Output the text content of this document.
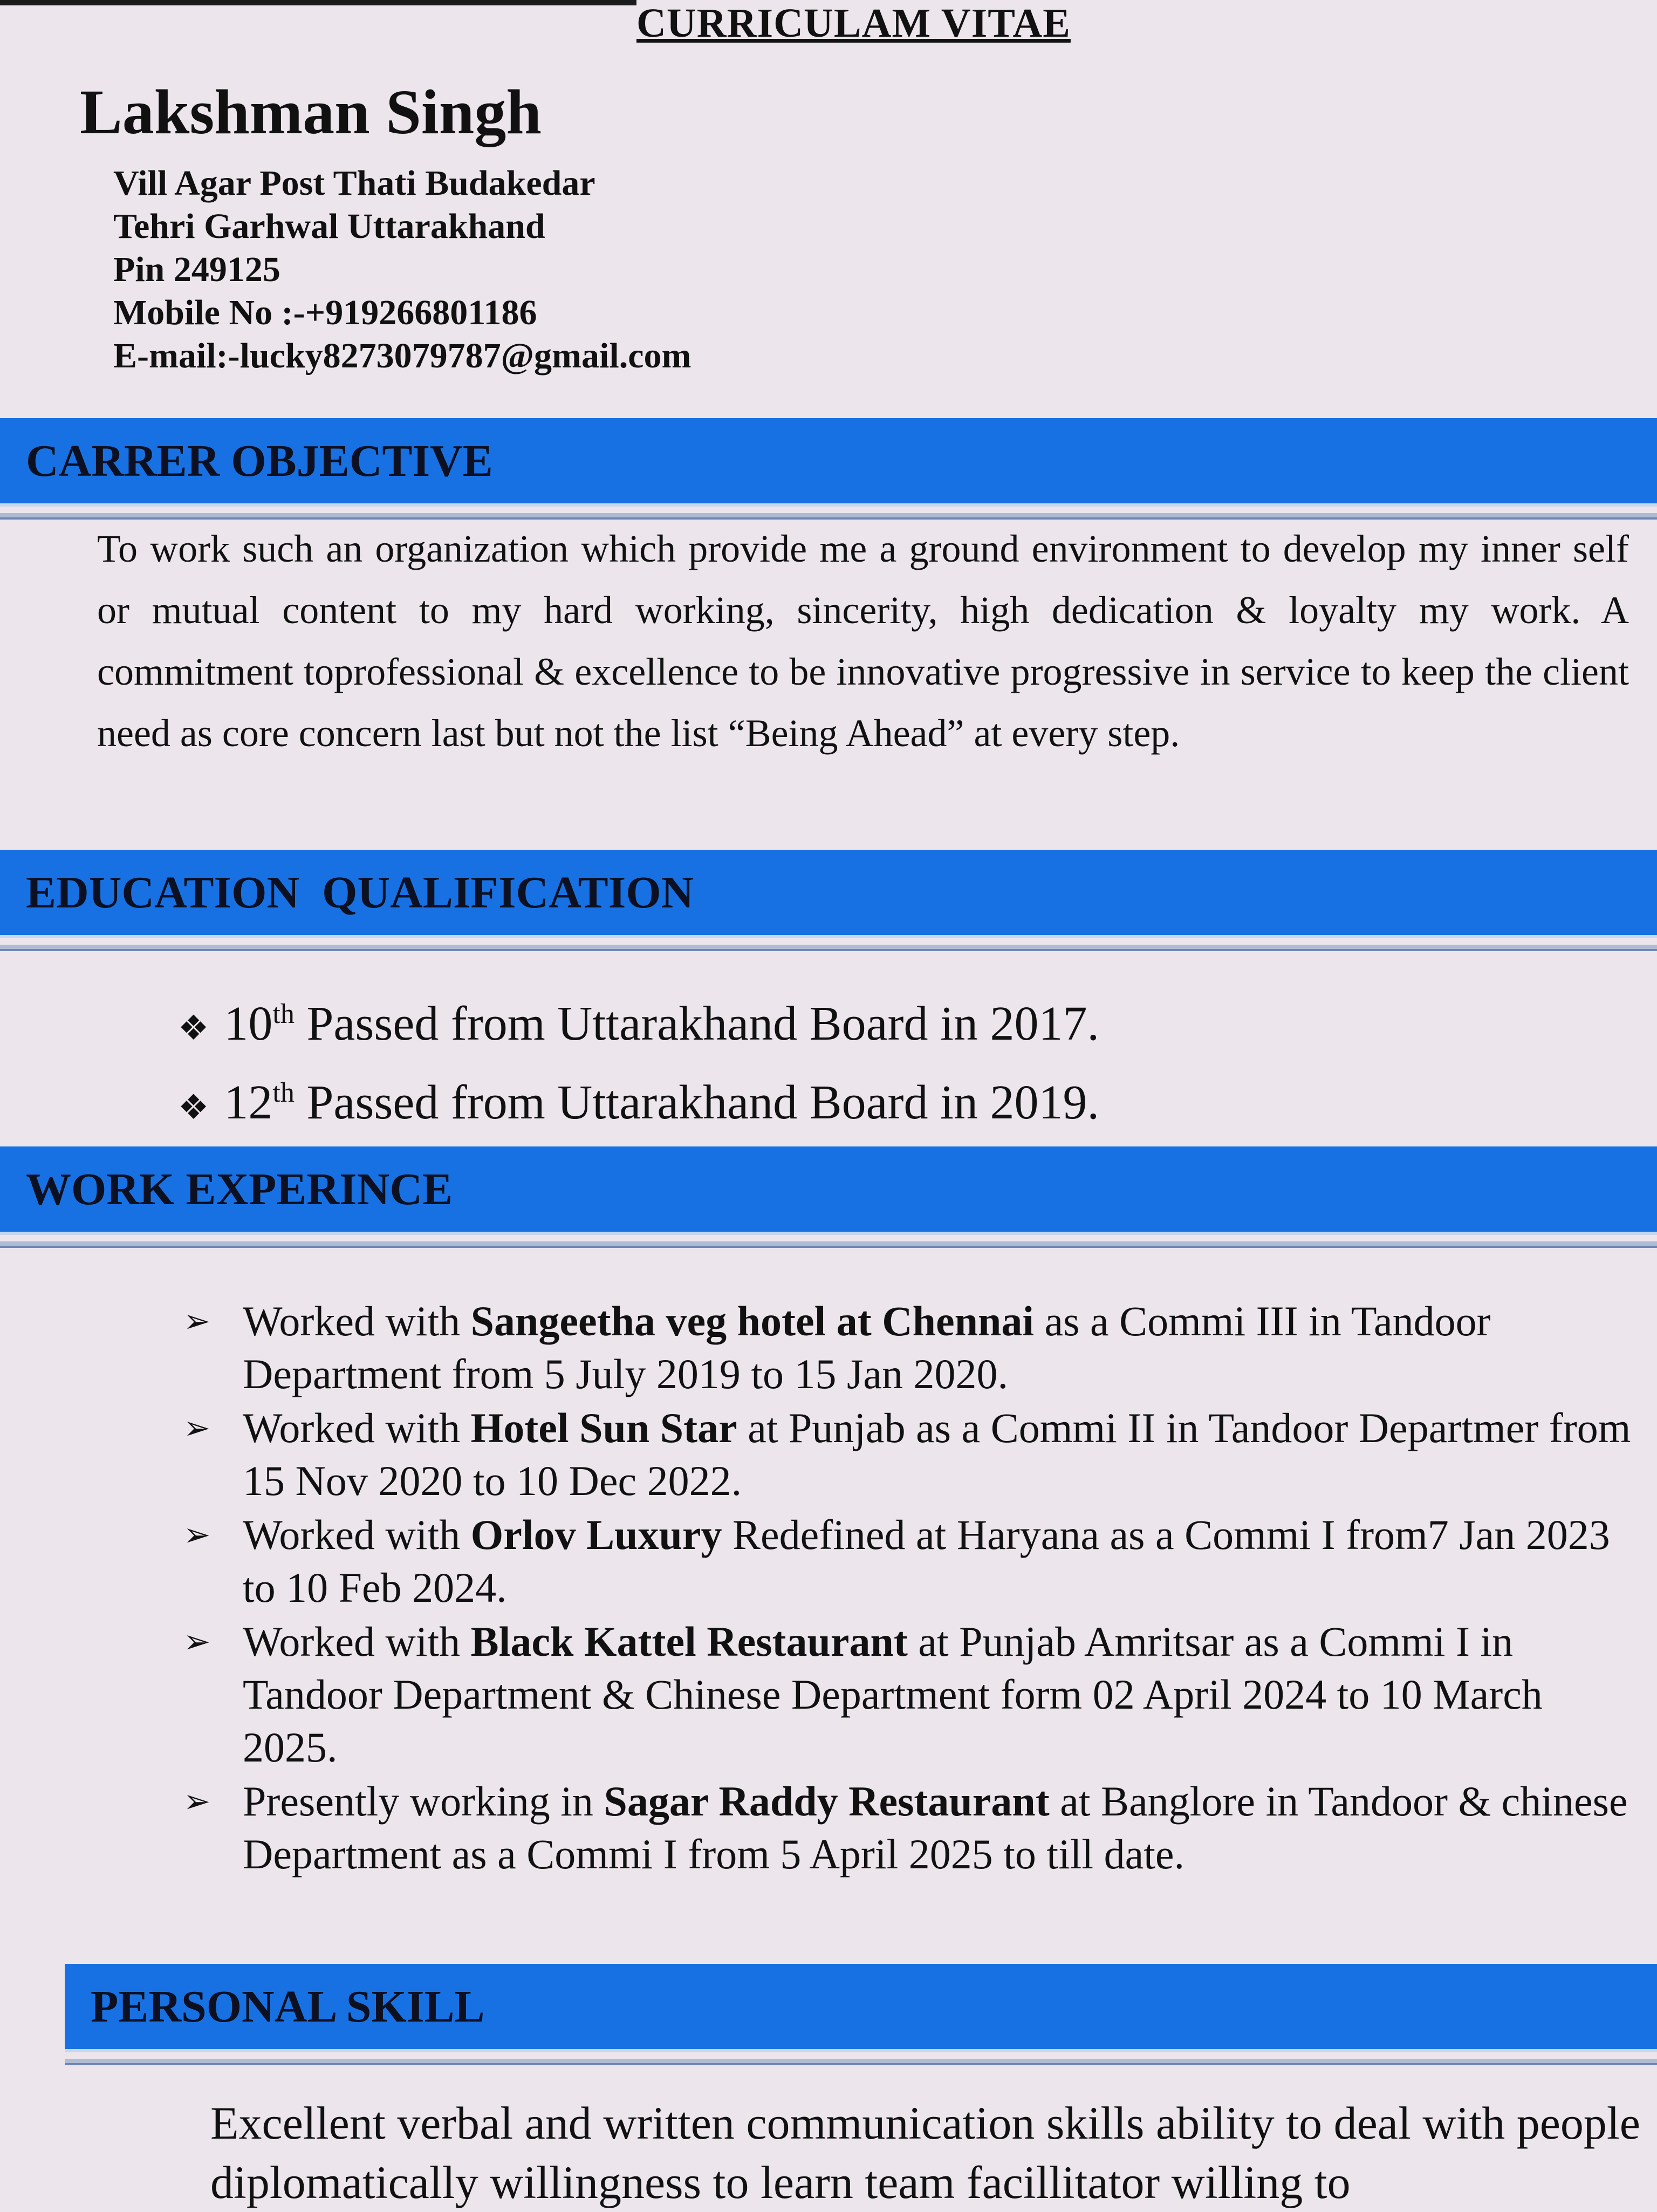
CURRICULAM VITAE
Lakshman Singh
Vill Agar Post Thati Budakedar
Tehri Garhwal Uttarakhand
Pin 249125
Mobile No :-+919266801186
E-mail:-lucky8273079787@gmail.com
CARRER OBJECTIVE

To work such an organization which provide me a ground environment to develop my inner self or mutual content to my hard working, sincerity, high dedication & loyalty my work. A commitment toprofessional & excellence to be innovative progressive in service to keep the client need as core concern last but not the list “Being Ahead” at every step.

EDUCATION  QUALIFICATION
❖ 10th Passed from Uttarakhand Board in 2017.
❖ 12th Passed from Uttarakhand Board in 2019.
WORK EXPERINCE
➢ Worked with Sangeetha veg hotel at Chennai as a Commi III in Tandoor Department from 5 July 2019 to 15 Jan 2020.
➢ Worked with Hotel Sun Star at Punjab as a Commi II in Tandoor Departmer from 15 Nov 2020 to 10 Dec 2022.
➢ Worked with Orlov Luxury Redefined at Haryana as a Commi I from7 Jan 2023 to 10 Feb 2024.
➢ Worked with Black Kattel Restaurant at Punjab Amritsar as a Commi I in Tandoor Department & Chinese Department form 02 April 2024 to 10 March 2025.
➢ Presently working in Sagar Raddy Restaurant at Banglore in Tandoor & chinese Department as a Commi I from 5 April 2025 to till date.
PERSONAL SKILL

Excellent verbal and written communication skills ability to deal with people diplomatically willingness to learn team facillitator willing to
